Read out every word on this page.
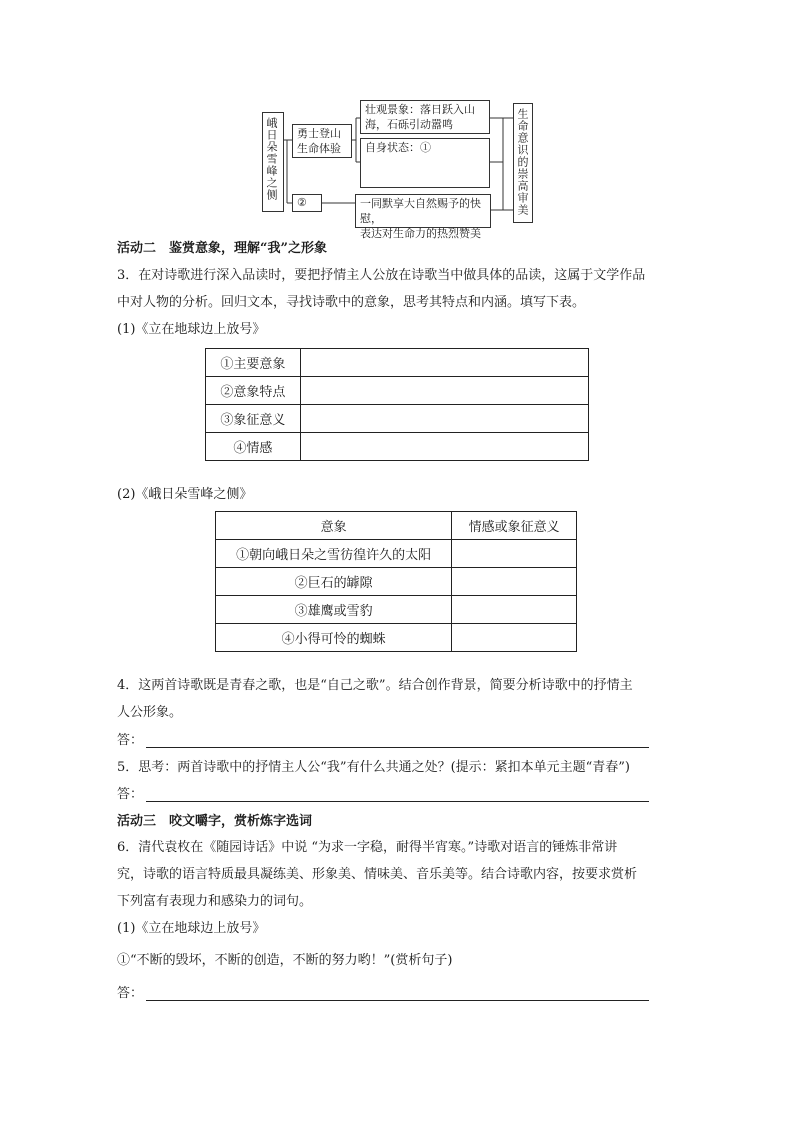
峨日朵雪峰之侧	勇士登山
生命体验
壮观景象：落日跃入山
海，石砾引动嚣鸣
自身状态：①
②	一同默享大自然赐予的快慰，
表达对生命力的热烈赞美
生命意识的崇高审美
活动二　鉴赏意象，理解“我”之形象
3．在对诗歌进行深入品读时，要把抒情主人公放在诗歌当中做具体的品读，这属于文学作品
中对人物的分析。回归文本，寻找诗歌中的意象，思考其特点和内涵。填写下表。
(1)《立在地球边上放号》
①主要意象	
②意象特点	
③象征意义	
④情感	
(2)《峨日朵雪峰之侧》
意象	情感或象征意义
①朝向峨日朵之雪彷徨许久的太阳	
②巨石的罅隙	
③雄鹰或雪豹	
④小得可怜的蜘蛛	
4．这两首诗歌既是青春之歌，也是“自己之歌”。结合创作背景，简要分析诗歌中的抒情主
人公形象。
答：
5．思考：两首诗歌中的抒情主人公“我”有什么共通之处？(提示：紧扣本单元主题“青春”)
答：
活动三　咬文嚼字，赏析炼字选词
6．清代袁枚在《随园诗话》中说 “为求一字稳，耐得半宵寒。”诗歌对语言的锤炼非常讲
究，诗歌的语言特质最具凝练美、形象美、情味美、音乐美等。结合诗歌内容，按要求赏析
下列富有表现力和感染力的词句。
(1)《立在地球边上放号》
①“不断的毁坏，不断的创造，不断的努力哟！”(赏析句子)
答：
